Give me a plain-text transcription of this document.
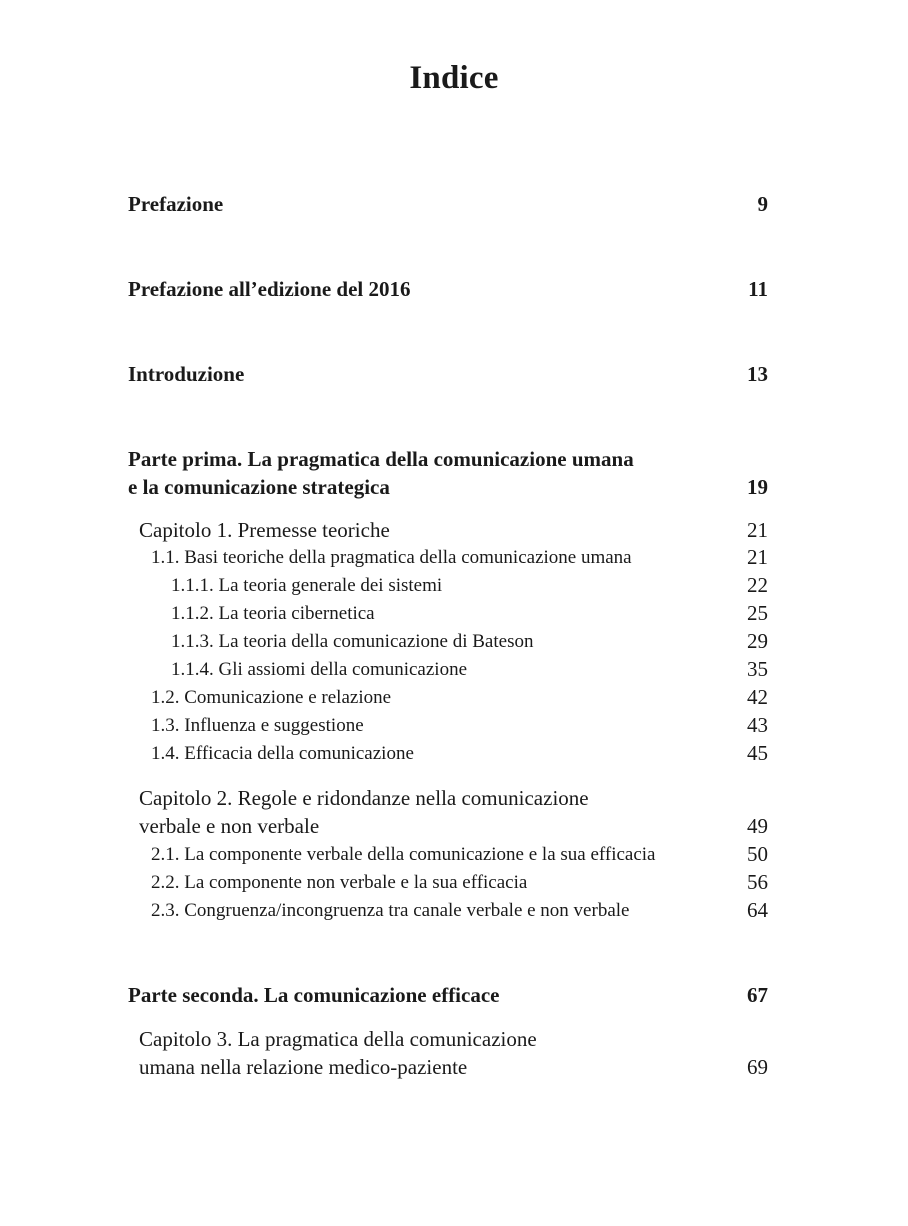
Indice
Prefazione	9
Prefazione all’edizione del 2016	11
Introduzione	13
Parte prima. La pragmatica della comunicazione umana
e la comunicazione strategica	19
Capitolo 1. Premesse teoriche	21
1.1. Basi teoriche della pragmatica della comunicazione umana	21
1.1.1. La teoria generale dei sistemi	22
1.1.2. La teoria cibernetica	25
1.1.3. La teoria della comunicazione di Bateson	29
1.1.4. Gli assiomi della comunicazione	35
1.2. Comunicazione e relazione	42
1.3. Influenza e suggestione	43
1.4. Efficacia della comunicazione	45
Capitolo 2. Regole e ridondanze nella comunicazione
verbale e non verbale	49
2.1. La componente verbale della comunicazione e la sua efficacia	50
2.2. La componente non verbale e la sua efficacia	56
2.3. Congruenza/incongruenza tra canale verbale e non verbale	64
Parte seconda. La comunicazione efficace	67
Capitolo 3. La pragmatica della comunicazione
umana nella relazione medico-paziente	69
